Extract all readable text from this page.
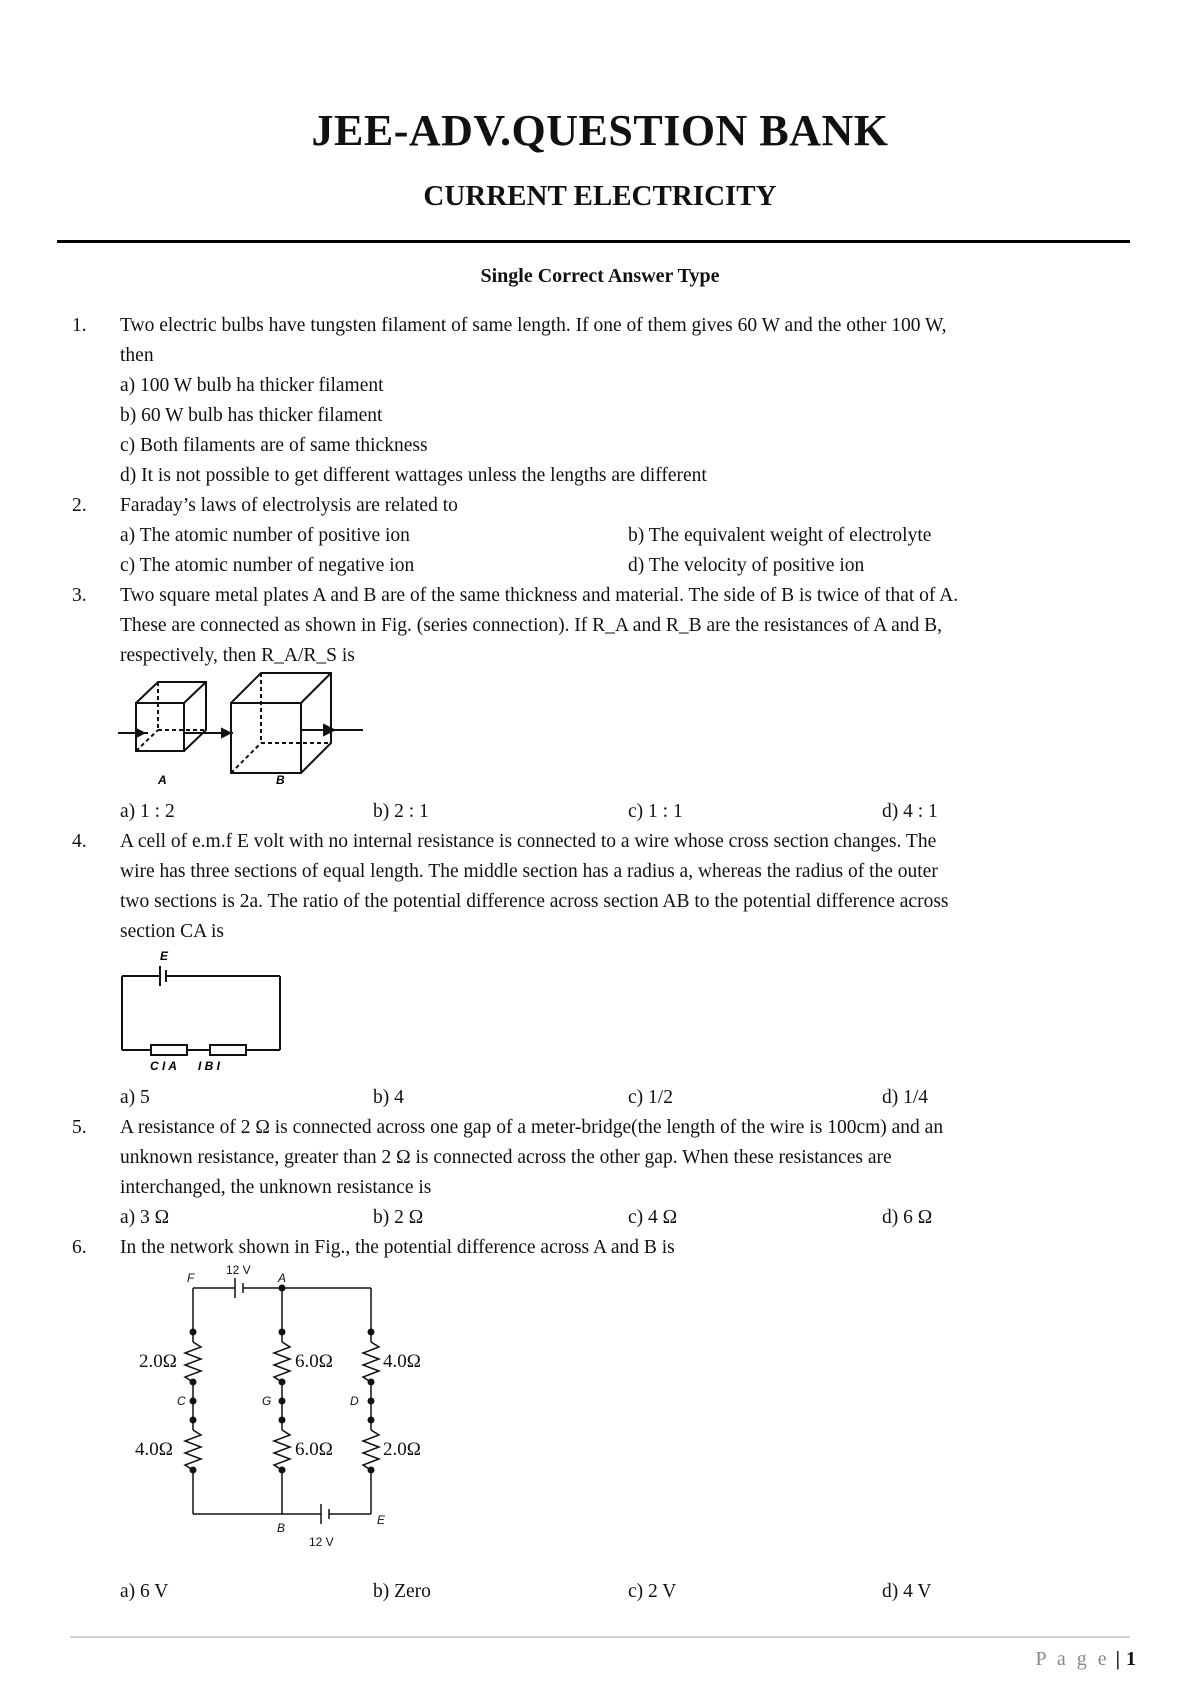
JEE-ADV.QUESTION BANK
CURRENT ELECTRICITY
Single Correct Answer Type
1. Two electric bulbs have tungsten filament of same length. If one of them gives 60 W and the other 100 W,
then
a) 100 W bulb ha thicker filament
b) 60 W bulb has thicker filament
c) Both filaments are of same thickness
d) It is not possible to get different wattages unless the lengths are different
2. Faraday’s laws of electrolysis are related to
a) The atomic number of positive ion	b) The equivalent weight of electrolyte
c) The atomic number of negative ion	d) The velocity of positive ion
3. Two square metal plates A and B are of the same thickness and material. The side of B is twice of that of A.
These are connected as shown in Fig. (series connection). If R_A and R_B are the resistances of A and B,
respectively, then R_A/R_S is
A	B
a) 1 : 2	b) 2 : 1	c) 1 : 1	d) 4 : 1
4. A cell of e.m.f E volt with no internal resistance is connected to a wire whose cross section changes. The
wire has three sections of equal length. The middle section has a radius a, whereas the radius of the outer
two sections is 2a. The ratio of the potential difference across section AB to the potential difference across
section CA is
E
C I A I B I
a) 5	b) 4	c) 1/2	d) 1/4
5. A resistance of 2 Ω is connected across one gap of a meter-bridge(the length of the wire is 100cm) and an
unknown resistance, greater than 2 Ω is connected across the other gap. When these resistances are
interchanged, the unknown resistance is
a) 3 Ω	b) 2 Ω	c) 4 Ω	d) 6 Ω
6. In the network shown in Fig., the potential difference across A and B is
F
12 V
A
C	G	D
B
E
12 V
2.0Ω	6.0Ω	4.0Ω
4.0Ω	6.0Ω	2.0Ω
a) 6 V	b) Zero	c) 2 V	d) 4 V
P a g e | 1
